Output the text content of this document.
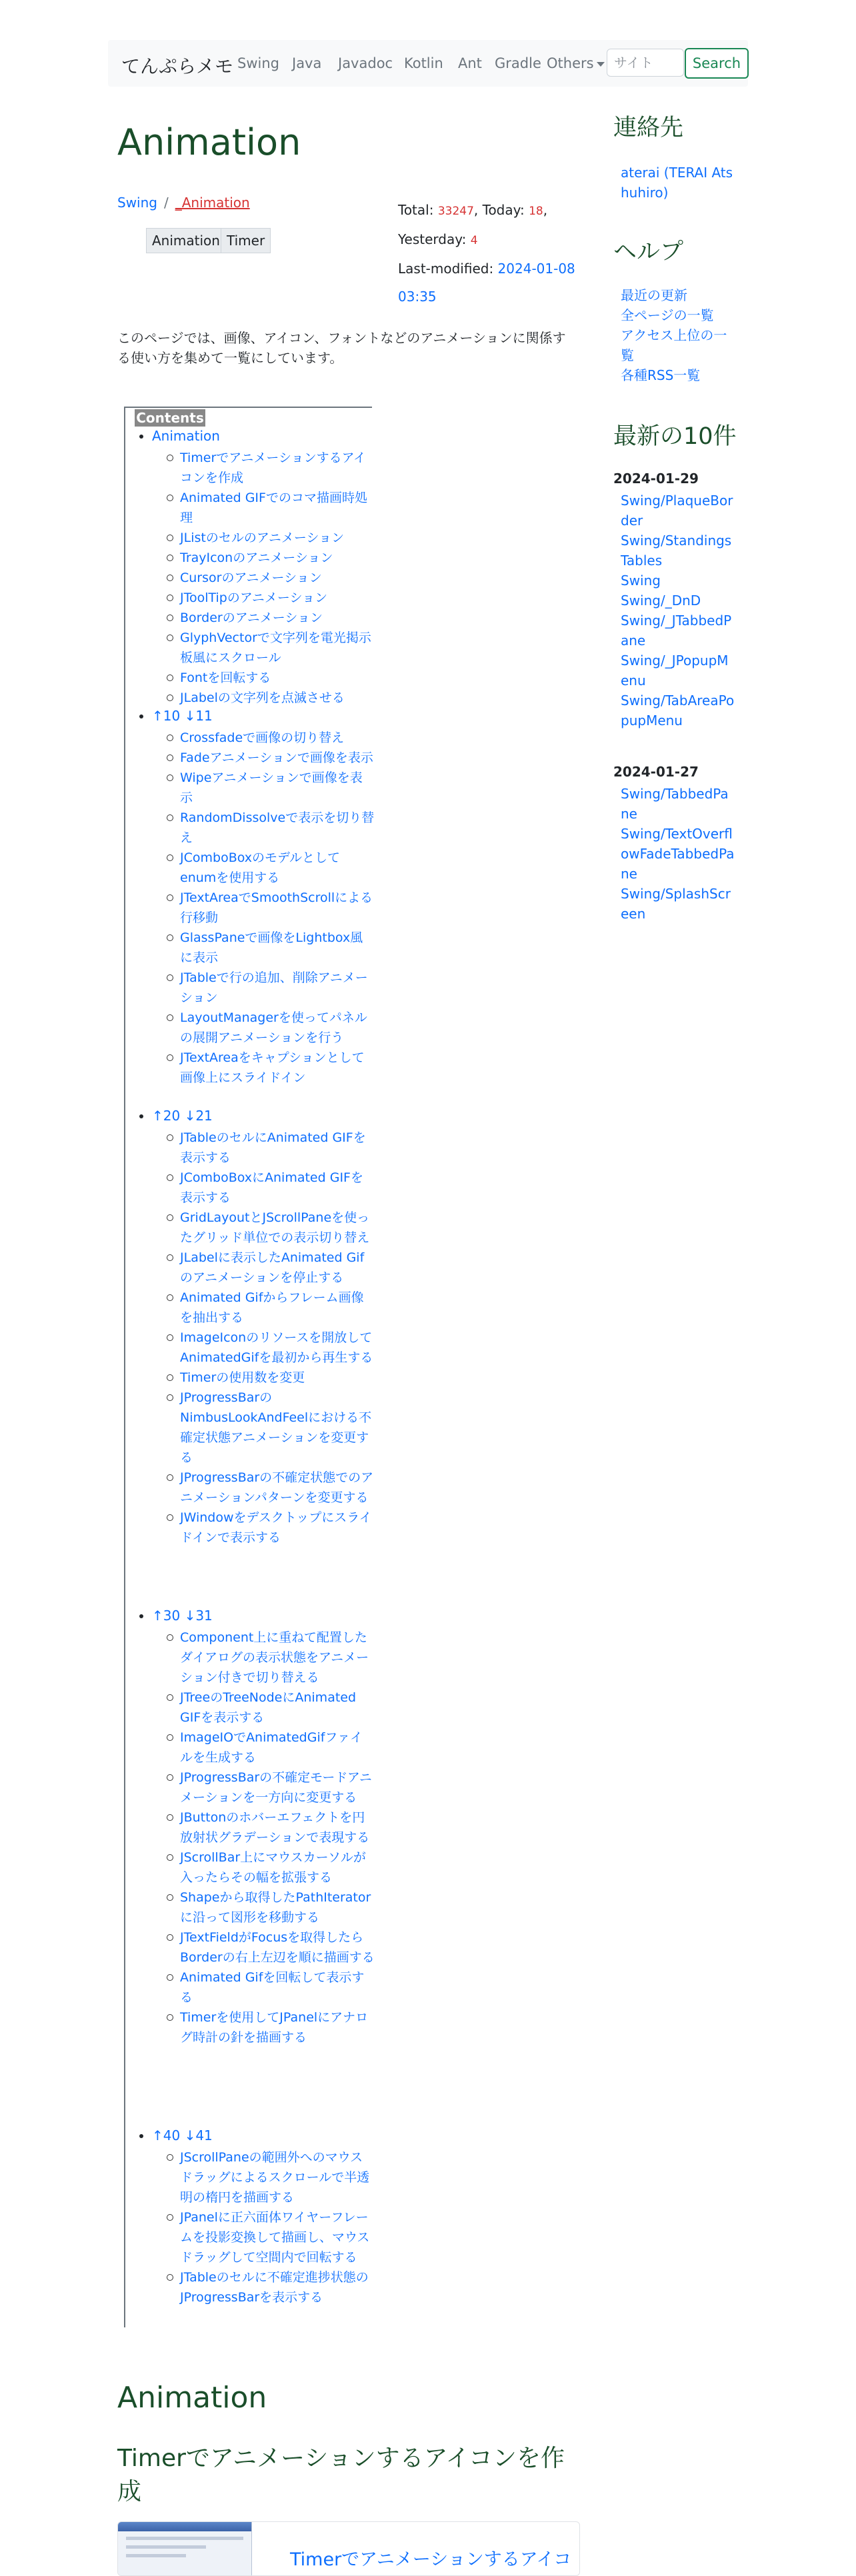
てんぷらメモ Swing Java Javadoc Kotlin Ant Gradle Others
サイト	Search
Animation
Swing / _Animation
Animation Timer
Total: 33247, Today: 18,
Yesterday: 4
Last-modified: 2024-01-08
03:35

このページでは、画像、アイコン、フォントなどのアニメーションに関係する使い方を集めて一覧にしています。

Contents
• Animation
Timerでアニメーションするアイコンを作成
Animated GIFでのコマ描画時処理
JListのセルのアニメーション
TrayIconのアニメーション
Cursorのアニメーション
JToolTipのアニメーション
Borderのアニメーション
GlyphVectorで文字列を電光掲示板風にスクロール
Fontを回転する
JLabelの文字列を点滅させる
• ↑10 ↓11
Crossfadeで画像の切り替え
Fadeアニメーションで画像を表示
Wipeアニメーションで画像を表示
RandomDissolveで表示を切り替え
JComboBoxのモデルとしてenumを使用する
JTextAreaでSmoothScrollによる行移動
GlassPaneで画像をLightbox風に表示
JTableで行の追加、削除アニメーション
LayoutManagerを使ってパネルの展開アニメーションを行う
JTextAreaをキャプションとして画像上にスライドイン
• ↑20 ↓21
JTableのセルにAnimated GIFを表示する
JComboBoxにAnimated GIFを表示する
GridLayoutとJScrollPaneを使ったグリッド単位での表示切り替え
JLabelに表示したAnimated Gifのアニメーションを停止する
Animated Gifからフレーム画像を抽出する
ImageIconのリソースを開放してAnimatedGifを最初から再生する
Timerの使用数を変更
JProgressBarのNimbusLookAndFeelにおける不確定状態アニメーションを変更する
JProgressBarの不確定状態でのアニメーションパターンを変更する
JWindowをデスクトップにスライドインで表示する
• ↑30 ↓31
Component上に重ねて配置したダイアログの表示状態をアニメーション付きで切り替える
JTreeのTreeNodeにAnimated GIFを表示する
ImageIOでAnimatedGifファイルを生成する
JProgressBarの不確定モードアニメーションを一方向に変更する
JButtonのホバーエフェクトを円放射状グラデーションで表現する
JScrollBar上にマウスカーソルが入ったらその幅を拡張する
Shapeから取得したPathIteratorに沿って図形を移動する
JTextFieldがFocusを取得したらBorderの右上左辺を順に描画する
Animated Gifを回転して表示する
Timerを使用してJPanelにアナログ時計の針を描画する
• ↑40 ↓41
JScrollPaneの範囲外へのマウスドラッグによるスクロールで半透明の楕円を描画する
JPanelに正六面体ワイヤーフレームを投影変換して描画し、マウスドラッグして空間内で回転する
JTableのセルに不確定進捗状態のJProgressBarを表示する
連絡先
aterai (TERAI Atshuhiro)
ヘルプ
最近の更新
全ページの一覧
アクセス上位の一覧
各種RSS一覧
最新の10件
2024-01-29
Swing/PlaqueBorder
Swing/StandingsTables
Swing
Swing/_DnD
Swing/_JTabbedPane
Swing/_JPopupMenu
Swing/TabAreaPopupMenu
2024-01-27
Swing/TabbedPane
Swing/TextOverflowFadeTabbedPane
Swing/SplashScreen
Animation
Timerでアニメーションするアイコンを作成
Timerでアニメーションするアイコ
